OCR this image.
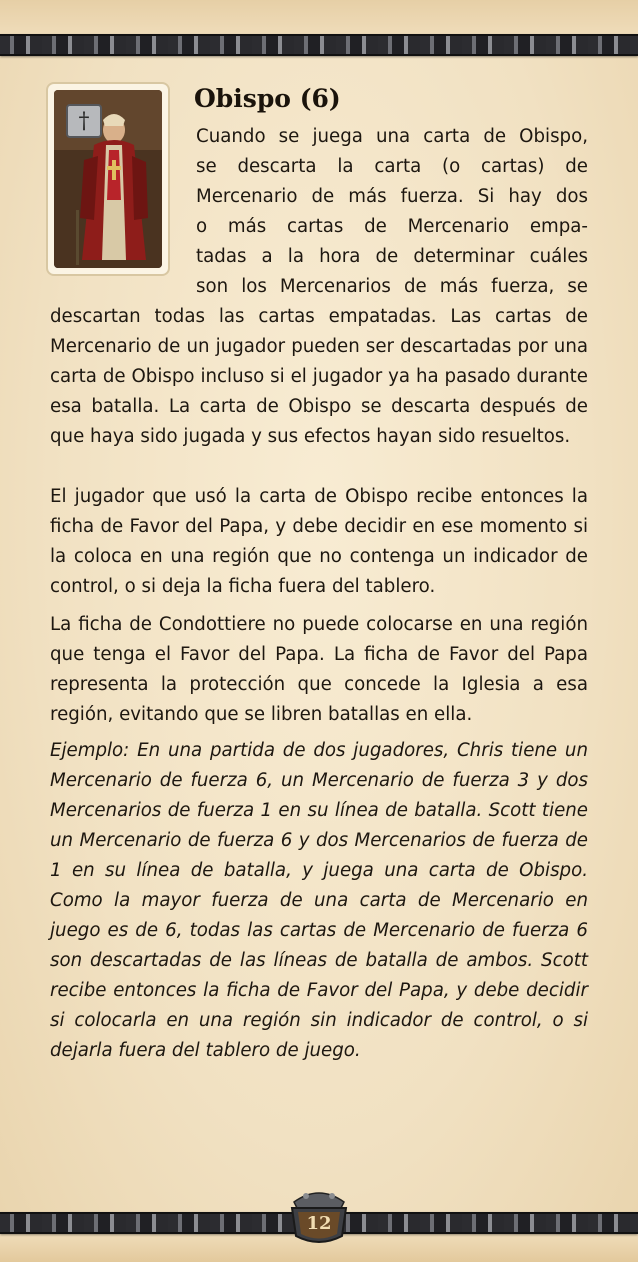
†
Obispo (6)
Cuando se juega una carta de Obispo,
se descarta la carta (o cartas) de
Mercenario de más fuerza. Si hay dos
o más cartas de Mercenario empa-
tadas a la hora de determinar cuáles
son los Mercenarios de más fuerza, se

descartan todas las cartas empatadas. Las cartas de Mercenario de un jugador pueden ser descartadas por una carta de Obispo incluso si el jugador ya ha pasado durante esa batalla. La carta de Obispo se descarta después de que haya sido jugada y sus efectos hayan sido resueltos.

El jugador que usó la carta de Obispo recibe entonces la ficha de Favor del Papa, y debe decidir en ese momento si la coloca en una región que no contenga un indicador de control, o si deja la ficha fuera del tablero.

La ficha de Condottiere no puede colocarse en una región que tenga el Favor del Papa. La ficha de Favor del Papa representa la protección que concede la Iglesia a esa región, evitando que se libren batallas en ella.

Ejemplo: En una partida de dos jugadores, Chris tiene un Mercenario de fuerza 6, un Mercenario de fuerza 3 y dos Mercenarios de fuerza 1 en su línea de batalla. Scott tiene un Mercenario de fuerza 6 y dos Mercenarios de fuerza de 1 en su línea de batalla, y juega una carta de Obispo. Como la mayor fuerza de una carta de Mercenario en juego es de 6, todas las cartas de Mercenario de fuerza 6 son descartadas de las líneas de batalla de ambos. Scott recibe entonces la ficha de Favor del Papa, y debe decidir si colocarla en una región sin indicador de control, o si dejarla fuera del tablero de juego.

12
